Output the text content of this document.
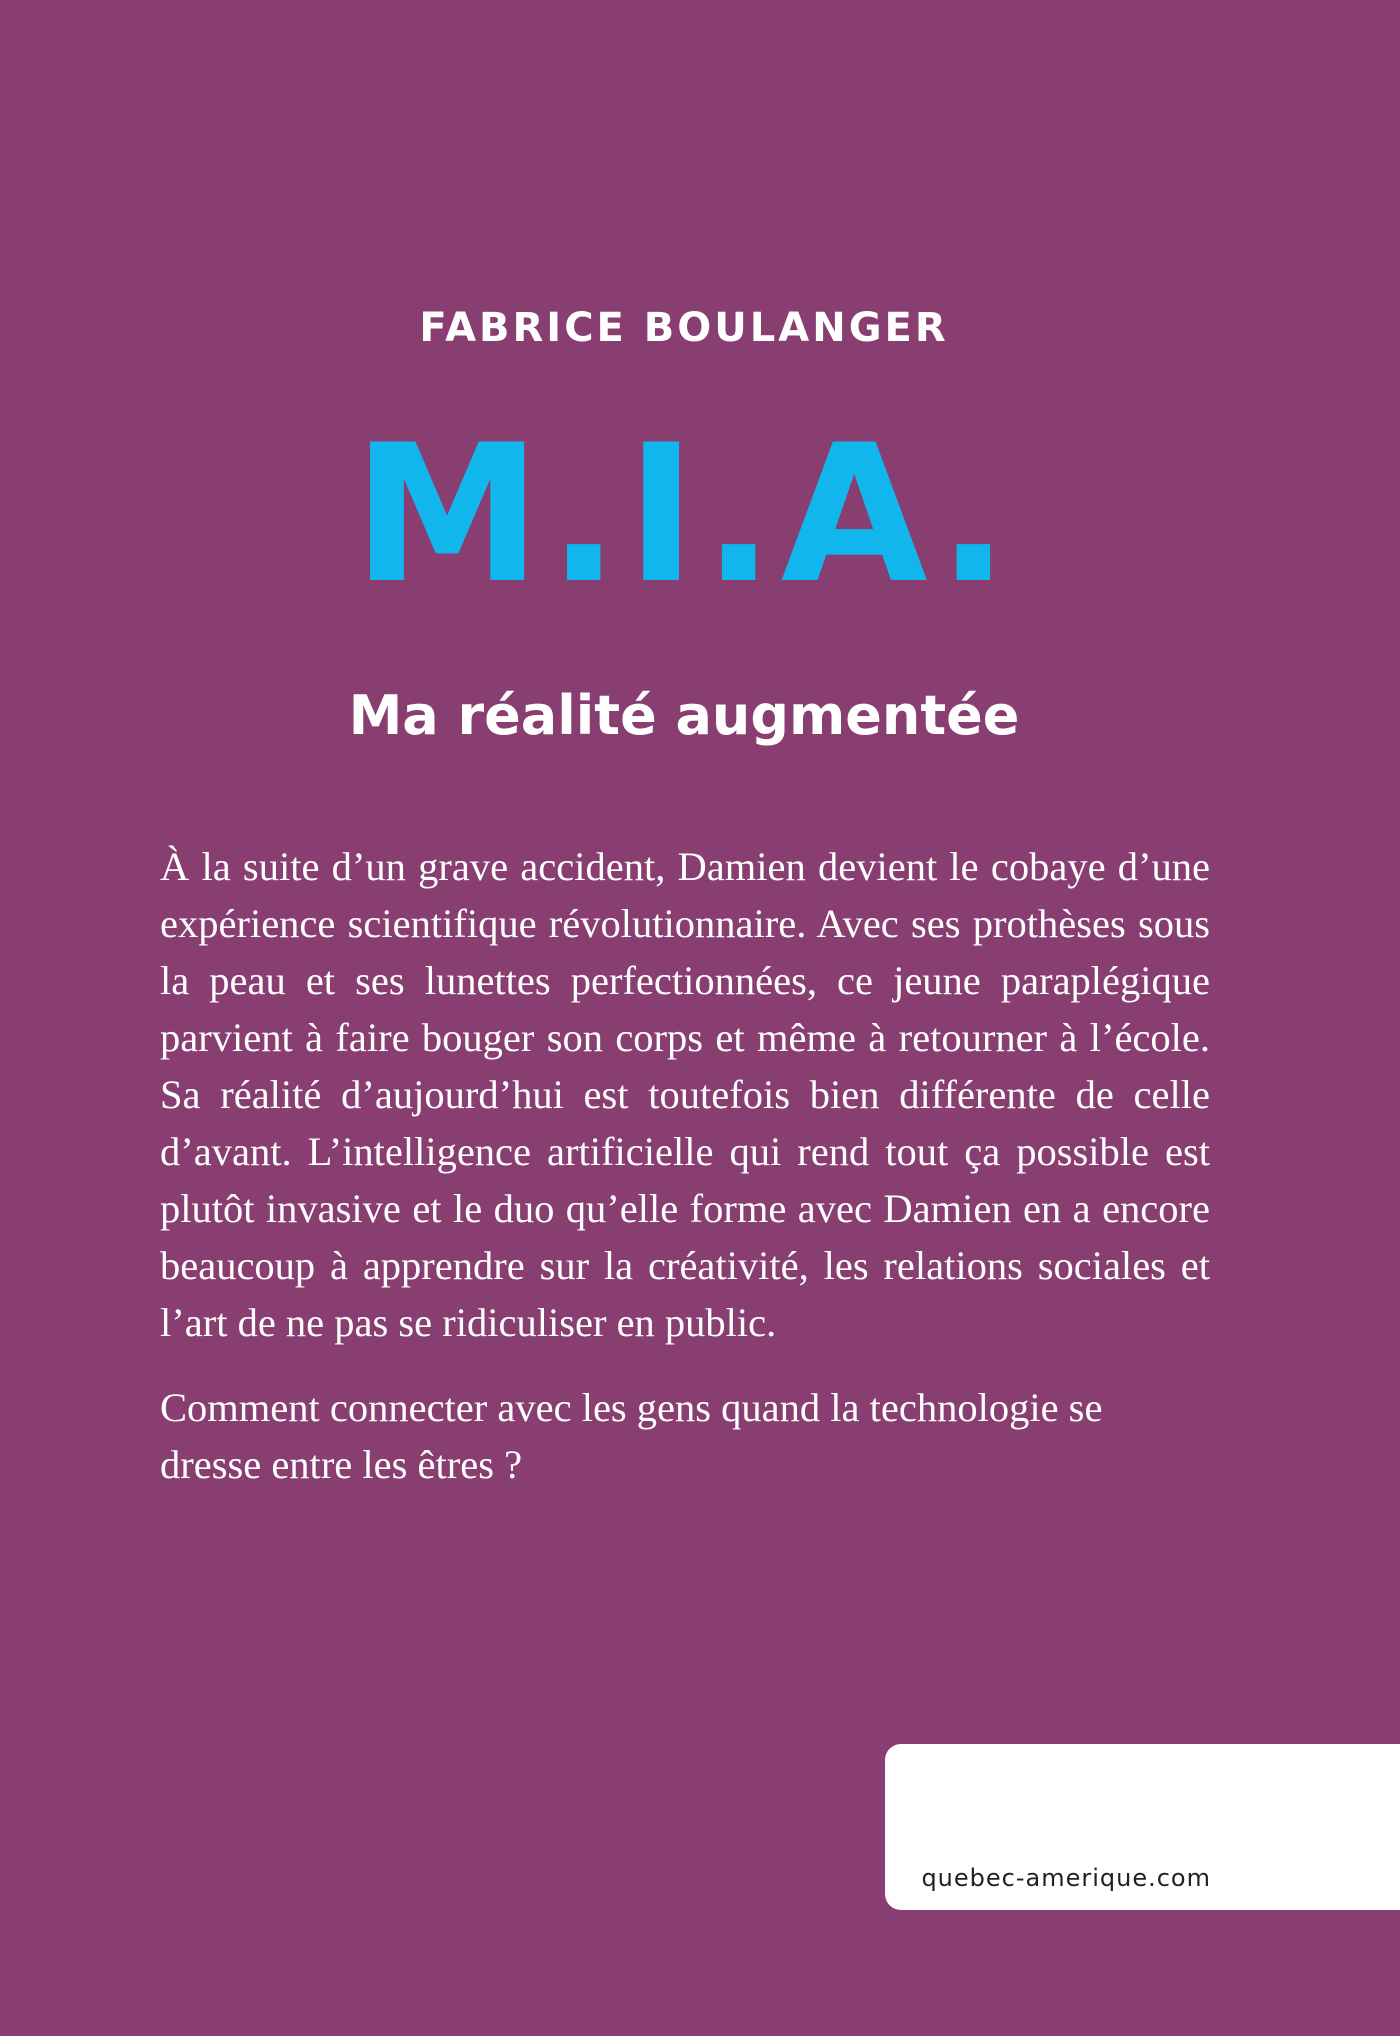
FABRICE BOULANGER
M.I.A.
Ma réalité augmentée

À la suite d’un grave accident, Damien devient le cobaye d’une expérience scientifique révolutionnaire. Avec ses prothèses sous la peau et ses lunettes perfectionnées, ce jeune paraplégique parvient à faire bouger son corps et même à retourner à l’école. Sa réalité d’aujourd’hui est toutefois bien différente de celle d’avant. L’intelligence artificielle qui rend tout ça possible est plutôt invasive et le duo qu’elle forme avec Damien en a encore beaucoup à apprendre sur la créativité, les relations sociales et l’art de ne pas se ridiculiser en public.

Comment connecter avec les gens quand la technologie se dresse entre les êtres ?

quebec-amerique.com
